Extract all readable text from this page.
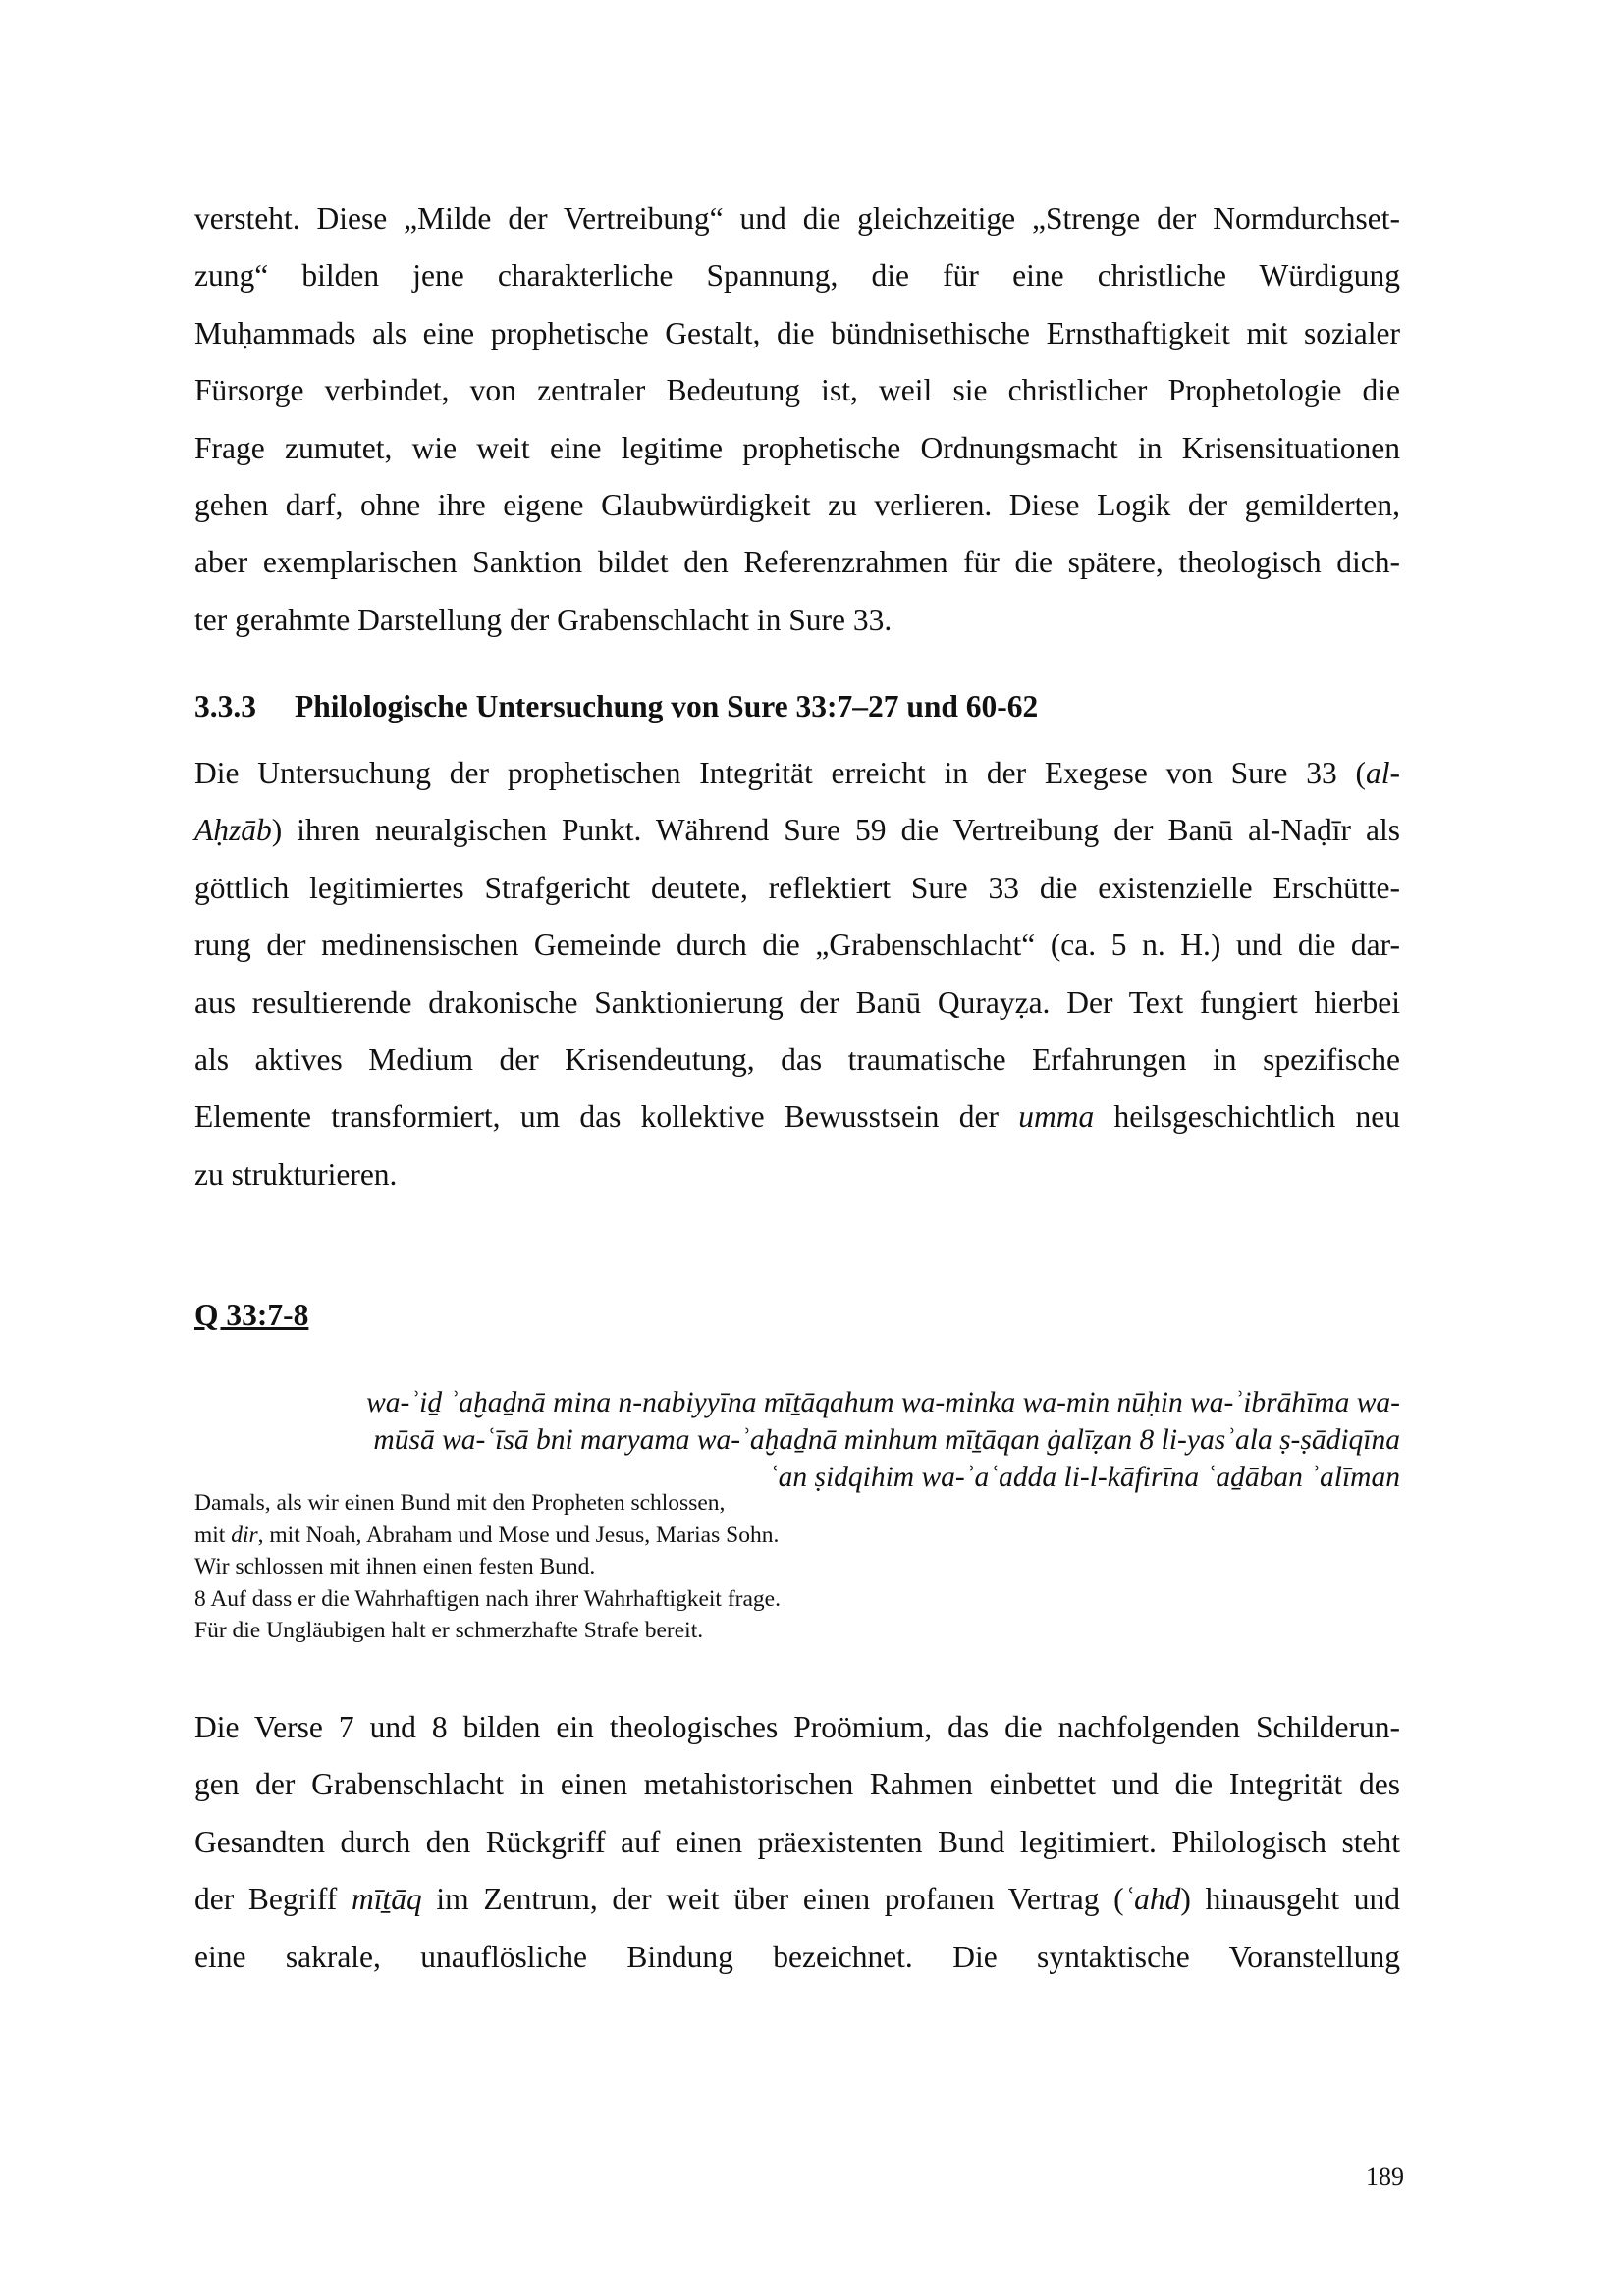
versteht. Diese „Milde der Vertreibung“ und die gleichzeitige „Strenge der Normdurchset-
zung“ bilden jene charakterliche Spannung, die für eine christliche Würdigung
Muḥammads als eine prophetische Gestalt, die bündnisethische Ernsthaftigkeit mit sozialer
Fürsorge verbindet, von zentraler Bedeutung ist, weil sie christlicher Prophetologie die
Frage zumutet, wie weit eine legitime prophetische Ordnungsmacht in Krisensituationen
gehen darf, ohne ihre eigene Glaubwürdigkeit zu verlieren. Diese Logik der gemilderten,
aber exemplarischen Sanktion bildet den Referenzrahmen für die spätere, theologisch dich-
ter gerahmte Darstellung der Grabenschlacht in Sure 33.

3.3.3 Philologische Untersuchung von Sure 33:7–27 und 60-62

Die Untersuchung der prophetischen Integrität erreicht in der Exegese von Sure 33 (al-
Aḥzāb) ihren neuralgischen Punkt. Während Sure 59 die Vertreibung der Banū al-Naḍīr als
göttlich legitimiertes Strafgericht deutete, reflektiert Sure 33 die existenzielle Erschütte-
rung der medinensischen Gemeinde durch die „Grabenschlacht“ (ca. 5 n. H.) und die dar-
aus resultierende drakonische Sanktionierung der Banū Qurayẓa. Der Text fungiert hierbei
als aktives Medium der Krisendeutung, das traumatische Erfahrungen in spezifische
Elemente transformiert, um das kollektive Bewusstsein der umma heilsgeschichtlich neu
zu strukturieren.

Q 33:7-8
wa-ʾiḏ ʾaḫaḏnā mina n-nabiyyīna mīṯāqahum wa-minka wa-min nūḥin wa-ʾibrāhīma wa-
mūsā wa-ʿīsā bni maryama wa-ʾaḫaḏnā minhum mīṯāqan ġalīẓan 8 li-yasʾala ṣ-ṣādiqīna
ʿan ṣidqihim wa-ʾaʿadda li-l-kāfirīna ʿaḏāban ʾalīman
Damals, als wir einen Bund mit den Propheten schlossen,
mit dir, mit Noah, Abraham und Mose und Jesus, Marias Sohn.
Wir schlossen mit ihnen einen festen Bund.
8 Auf dass er die Wahrhaftigen nach ihrer Wahrhaftigkeit frage.
Für die Ungläubigen halt er schmerzhafte Strafe bereit.

Die Verse 7 und 8 bilden ein theologisches Proömium, das die nachfolgenden Schilderun-
gen der Grabenschlacht in einen metahistorischen Rahmen einbettet und die Integrität des
Gesandten durch den Rückgriff auf einen präexistenten Bund legitimiert. Philologisch steht
der Begriff mīṯāq im Zentrum, der weit über einen profanen Vertrag (ʿahd) hinausgeht und
eine sakrale, unauflösliche Bindung bezeichnet. Die syntaktische Voranstellung

189
